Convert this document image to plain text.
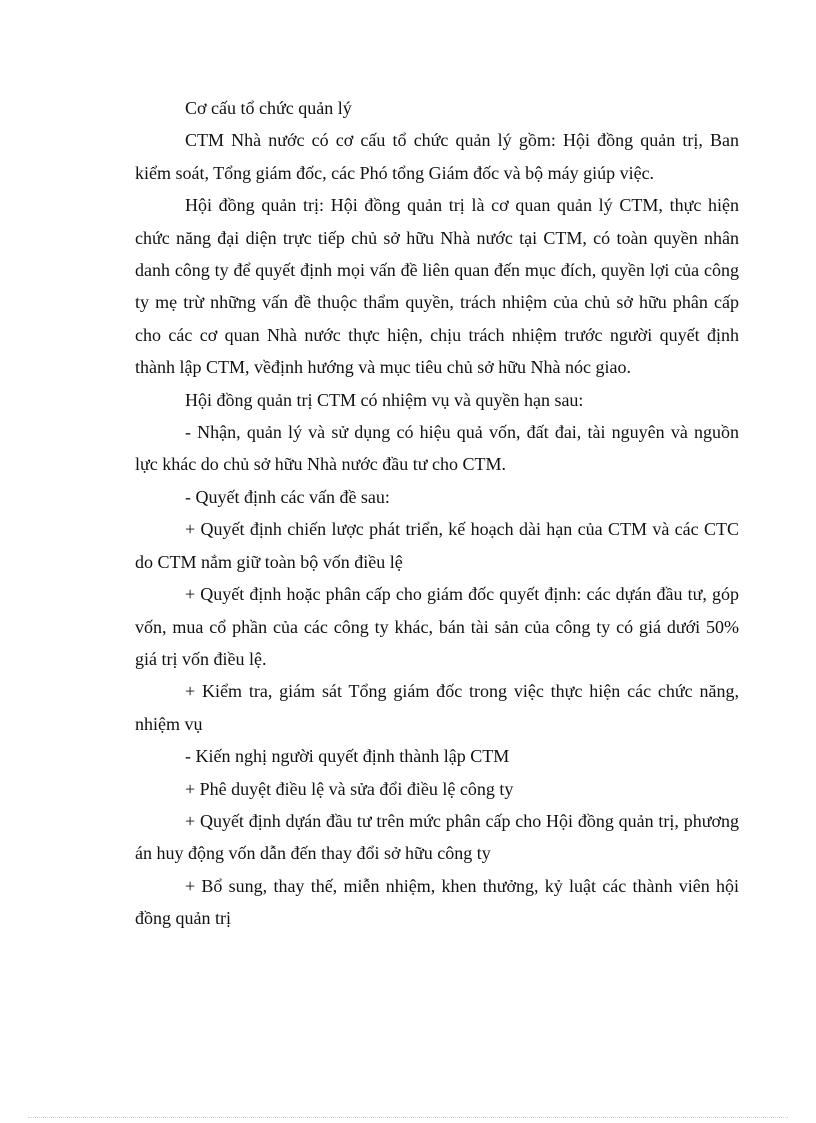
Cơ cấu tổ chức quản lý

CTM Nhà nước có cơ cấu tổ chức quản lý gồm: Hội đồng quản trị, Ban kiểm soát, Tổng giám đốc, các Phó tổng Giám đốc và bộ máy giúp việc.

Hội đồng quản trị: Hội đồng quản trị là cơ quan quản lý CTM, thực hiện chức năng đại diện trực tiếp chủ sở hữu Nhà nước tại CTM, có toàn quyền nhân danh công ty để quyết định mọi vấn đề liên quan đến mục đích, quyền lợi của công ty mẹ trừ những vấn đề thuộc thẩm quyền, trách nhiệm của chủ sở hữu phân cấp cho các cơ quan Nhà nước thực hiện, chịu trách nhiệm trước người quyết định thành lập CTM, vềđịnh hướng và mục tiêu chủ sở hữu Nhà nóc giao.

Hội đồng quản trị CTM có nhiệm vụ và quyền hạn sau:

- Nhận, quản lý và sử dụng có hiệu quả vốn, đất đai, tài nguyên và nguồn lực khác do chủ sở hữu Nhà nước đầu tư cho CTM.

- Quyết định các vấn đề sau:

+ Quyết định chiến lược phát triển, kế hoạch dài hạn của CTM và các CTC do CTM nắm giữ toàn bộ vốn điều lệ

+ Quyết định hoặc phân cấp cho giám đốc quyết định: các dựán đầu tư, góp vốn, mua cổ phần của các công ty khác, bán tài sản của công ty có giá dưới 50% giá trị vốn điều lệ.

+ Kiểm tra, giám sát Tổng giám đốc trong việc thực hiện các chức năng, nhiệm vụ

- Kiến nghị người quyết định thành lập CTM

+ Phê duyệt điều lệ và sửa đổi điều lệ công ty

+ Quyết định dựán đầu tư trên mức phân cấp cho Hội đồng quản trị, phương án huy động vốn dẫn đến thay đổi sở hữu công ty

+ Bổ sung, thay thế, miễn nhiệm, khen thưởng, kỷ luật các thành viên hội đồng quản trị
